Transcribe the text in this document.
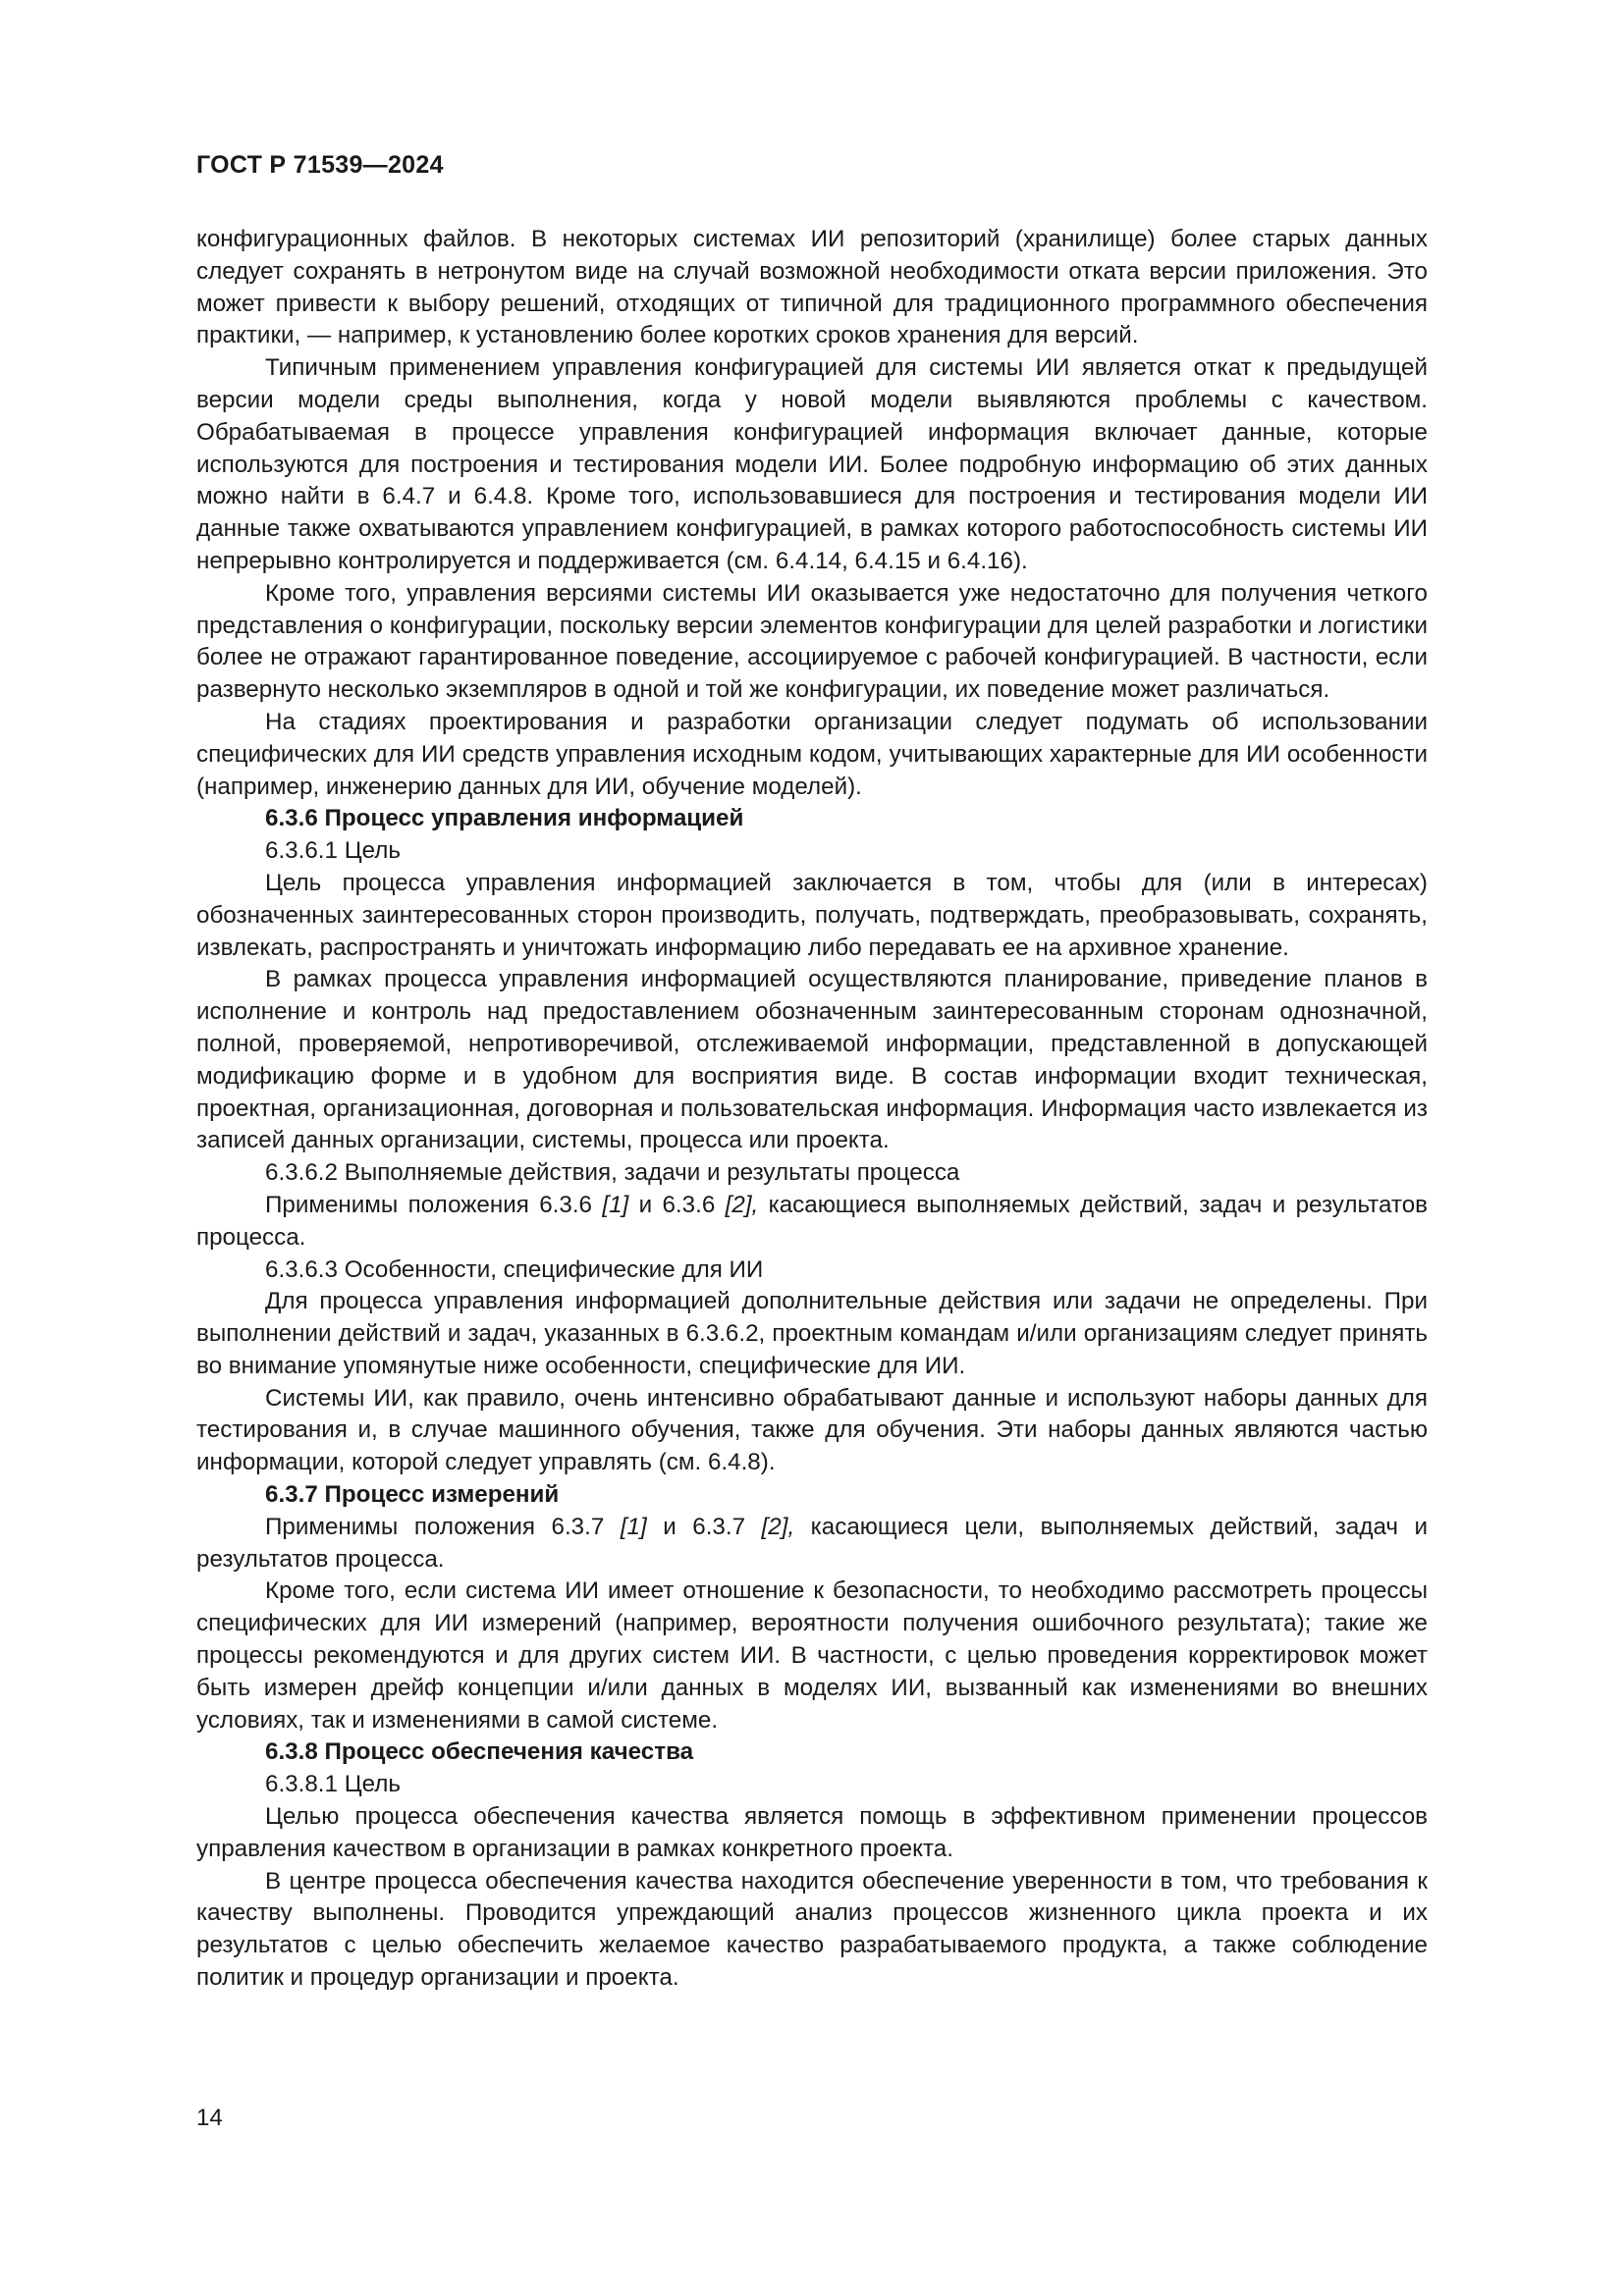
ГОСТ Р 71539—2024

конфигурационных файлов. В некоторых системах ИИ репозиторий (хранилище) более старых данных следует сохранять в нетронутом виде на случай возможной необходимости отката версии приложения. Это может привести к выбору решений, отходящих от типичной для традиционного программного обеспечения практики, — например, к установлению более коротких сроков хранения для версий.

Типичным применением управления конфигурацией для системы ИИ является откат к предыдущей версии модели среды выполнения, когда у новой модели выявляются проблемы с качеством. Обрабатываемая в процессе управления конфигурацией информация включает данные, которые используются для построения и тестирования модели ИИ. Более подробную информацию об этих данных можно найти в 6.4.7 и 6.4.8. Кроме того, использовавшиеся для построения и тестирования модели ИИ данные также охватываются управлением конфигурацией, в рамках которого работоспособность системы ИИ непрерывно контролируется и поддерживается (см. 6.4.14, 6.4.15 и 6.4.16).

Кроме того, управления версиями системы ИИ оказывается уже недостаточно для получения четкого представления о конфигурации, поскольку версии элементов конфигурации для целей разработки и логистики более не отражают гарантированное поведение, ассоциируемое с рабочей конфигурацией. В частности, если развернуто несколько экземпляров в одной и той же конфигурации, их поведение может различаться.

На стадиях проектирования и разработки организации следует подумать об использовании специфических для ИИ средств управления исходным кодом, учитывающих характерные для ИИ особенности (например, инженерию данных для ИИ, обучение моделей).

6.3.6 Процесс управления информацией

6.3.6.1 Цель

Цель процесса управления информацией заключается в том, чтобы для (или в интересах) обозначенных заинтересованных сторон производить, получать, подтверждать, преобразовывать, сохранять, извлекать, распространять и уничтожать информацию либо передавать ее на архивное хранение.

В рамках процесса управления информацией осуществляются планирование, приведение планов в исполнение и контроль над предоставлением обозначенным заинтересованным сторонам однозначной, полной, проверяемой, непротиворечивой, отслеживаемой информации, представленной в допускающей модификацию форме и в удобном для восприятия виде. В состав информации входит техническая, проектная, организационная, договорная и пользовательская информация. Информация часто извлекается из записей данных организации, системы, процесса или проекта.

6.3.6.2 Выполняемые действия, задачи и результаты процесса

Применимы положения 6.3.6 [1] и 6.3.6 [2], касающиеся выполняемых действий, задач и результатов процесса.

6.3.6.3 Особенности, специфические для ИИ

Для процесса управления информацией дополнительные действия или задачи не определены. При выполнении действий и задач, указанных в 6.3.6.2, проектным командам и/или организациям следует принять во внимание упомянутые ниже особенности, специфические для ИИ.

Системы ИИ, как правило, очень интенсивно обрабатывают данные и используют наборы данных для тестирования и, в случае машинного обучения, также для обучения. Эти наборы данных являются частью информации, которой следует управлять (см. 6.4.8).

6.3.7 Процесс измерений

Применимы положения 6.3.7 [1] и 6.3.7 [2], касающиеся цели, выполняемых действий, задач и результатов процесса.

Кроме того, если система ИИ имеет отношение к безопасности, то необходимо рассмотреть процессы специфических для ИИ измерений (например, вероятности получения ошибочного результата); такие же процессы рекомендуются и для других систем ИИ. В частности, с целью проведения корректировок может быть измерен дрейф концепции и/или данных в моделях ИИ, вызванный как изменениями во внешних условиях, так и изменениями в самой системе.

6.3.8 Процесс обеспечения качества

6.3.8.1 Цель

Целью процесса обеспечения качества является помощь в эффективном применении процессов управления качеством в организации в рамках конкретного проекта.

В центре процесса обеспечения качества находится обеспечение уверенности в том, что требования к качеству выполнены. Проводится упреждающий анализ процессов жизненного цикла проекта и их результатов с целью обеспечить желаемое качество разрабатываемого продукта, а также соблюдение политик и процедур организации и проекта.

14
